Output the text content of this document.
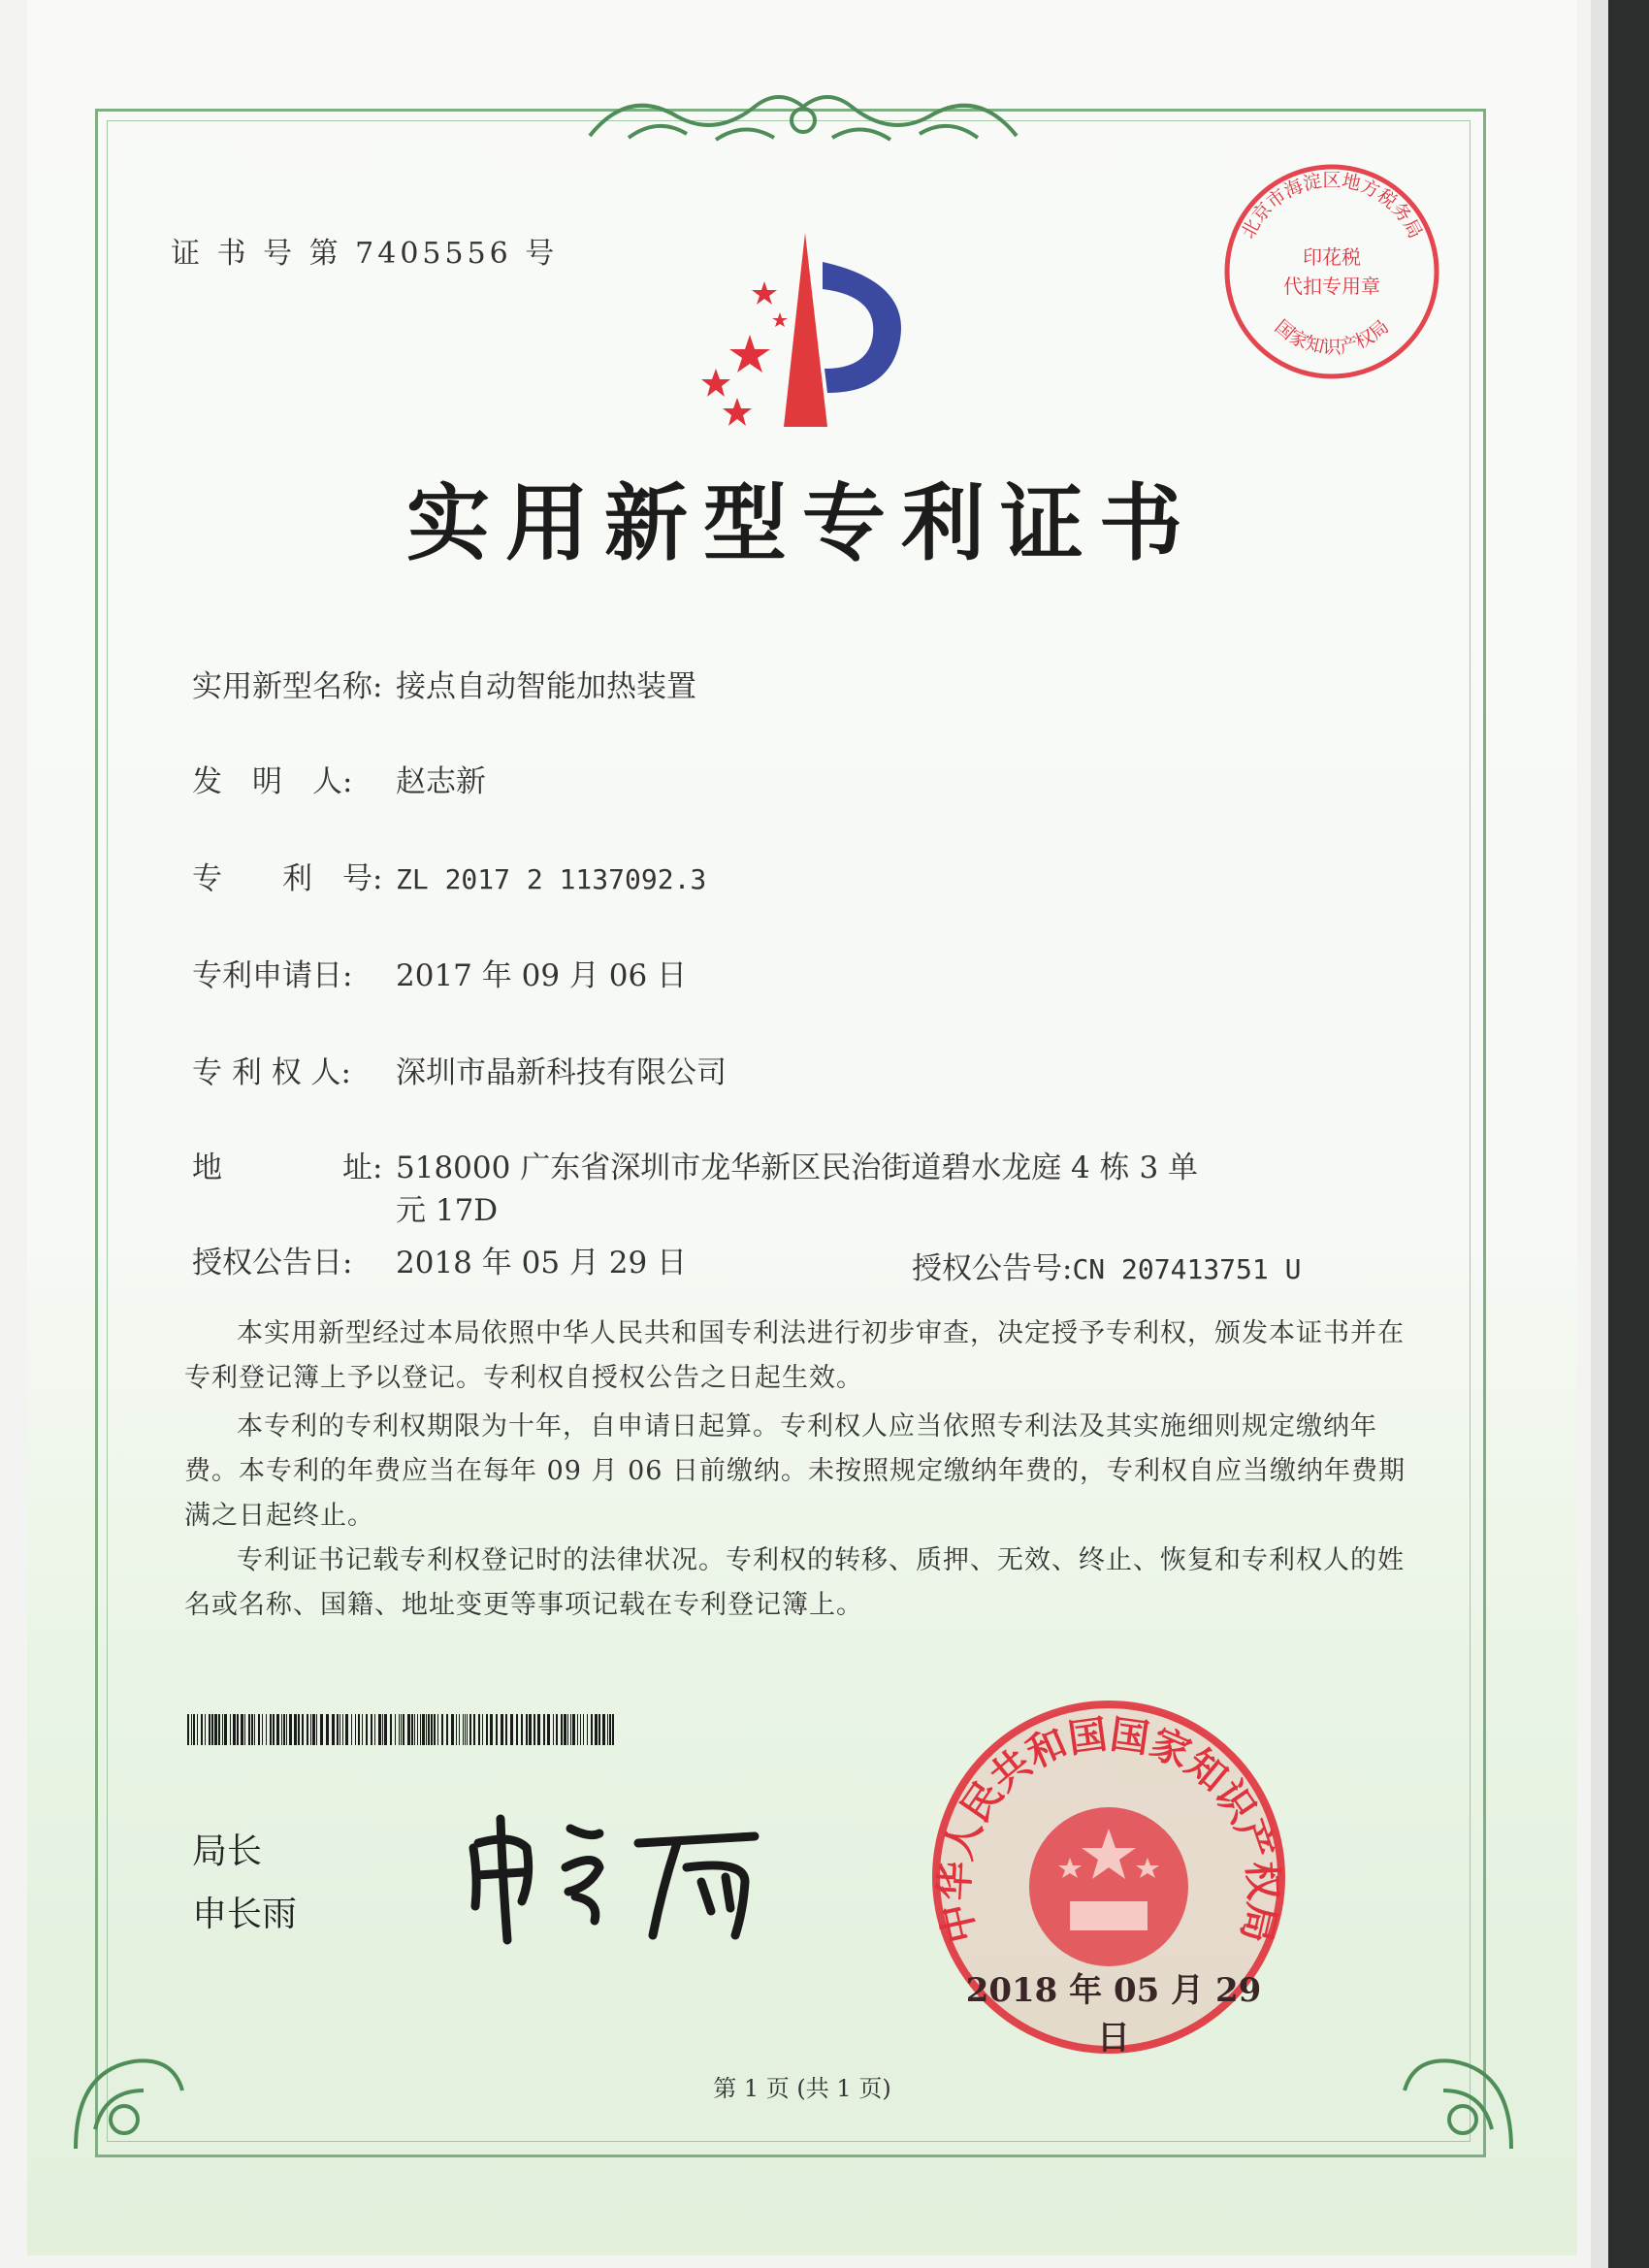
证 书 号 第 7405556 号
北京市海淀区地方税务局
国家知识产权局
印花税
代扣专用章
实用新型专利证书
实用新型名称: 接点自动智能加热装置
发　明　人: 赵志新
专　　利　号: ZL 2017 2 1137092.3
专利申请日: 2017 年 09 月 06 日
专 利 权 人: 深圳市晶新科技有限公司
地　　　　址: 518000 广东省深圳市龙华新区民治街道碧水龙庭 4 栋 3 单
元 17D
授权公告日: 2018 年 05 月 29 日	授权公告号:CN 207413751 U
本实用新型经过本局依照中华人民共和国专利法进行初步审查，决定授予专利权，颁发本证书并在专利登记簿上予以登记。专利权自授权公告之日起生效。
本专利的专利权期限为十年，自申请日起算。专利权人应当依照专利法及其实施细则规定缴纳年费。本专利的年费应当在每年 09 月 06 日前缴纳。未按照规定缴纳年费的，专利权自应当缴纳年费期满之日起终止。
专利证书记载专利权登记时的法律状况。专利权的转移、质押、无效、终止、恢复和专利权人的姓名或名称、国籍、地址变更等事项记载在专利登记簿上。
局长
申长雨	中华人民共和国国家知识产权局
2018 年 05 月 29 日
第 1 页 (共 1 页)
